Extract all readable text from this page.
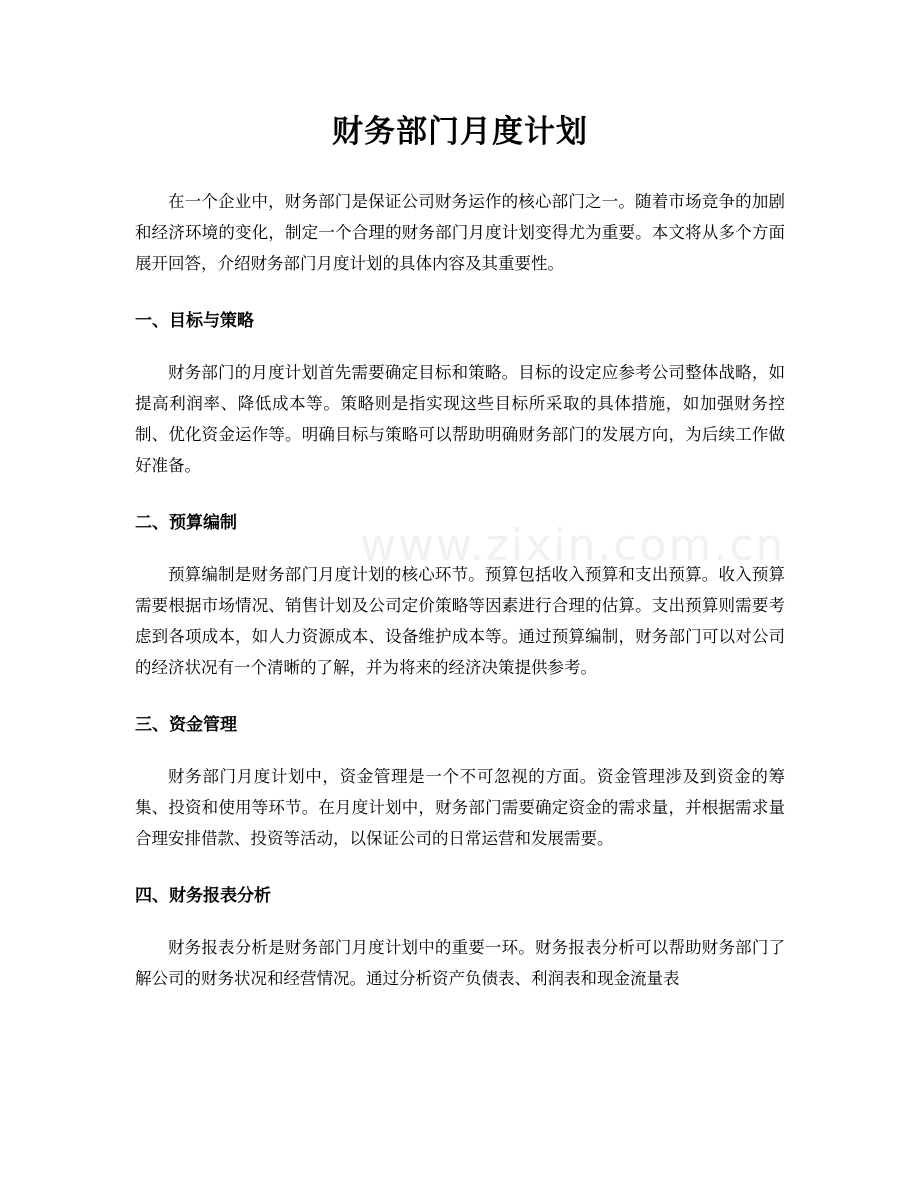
www.zixin.com.cn
财务部门月度计划

在一个企业中，财务部门是保证公司财务运作的核心部门之一。随着市场竞争的加剧和经济环境的变化，制定一个合理的财务部门月度计划变得尤为重要。本文将从多个方面展开回答，介绍财务部门月度计划的具体内容及其重要性。

一、目标与策略

财务部门的月度计划首先需要确定目标和策略。目标的设定应参考公司整体战略，如提高利润率、降低成本等。策略则是指实现这些目标所采取的具体措施，如加强财务控制、优化资金运作等。明确目标与策略可以帮助明确财务部门的发展方向，为后续工作做好准备。

二、预算编制

预算编制是财务部门月度计划的核心环节。预算包括收入预算和支出预算。收入预算需要根据市场情况、销售计划及公司定价策略等因素进行合理的估算。支出预算则需要考虑到各项成本，如人力资源成本、设备维护成本等。通过预算编制，财务部门可以对公司的经济状况有一个清晰的了解，并为将来的经济决策提供参考。

三、资金管理

财务部门月度计划中，资金管理是一个不可忽视的方面。资金管理涉及到资金的筹集、投资和使用等环节。在月度计划中，财务部门需要确定资金的需求量，并根据需求量合理安排借款、投资等活动，以保证公司的日常运营和发展需要。

四、财务报表分析

财务报表分析是财务部门月度计划中的重要一环。财务报表分析可以帮助财务部门了解公司的财务状况和经营情况。通过分析资产负债表、利润表和现金流量表
